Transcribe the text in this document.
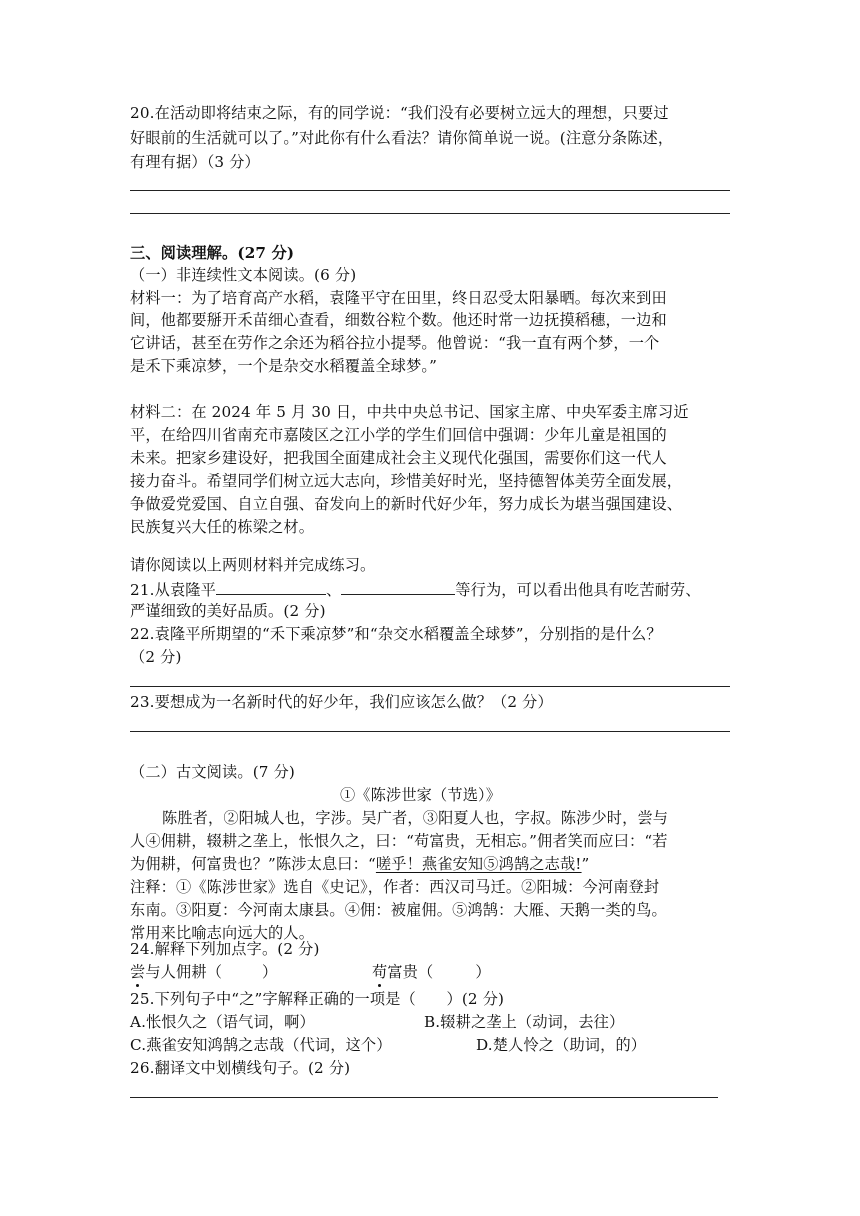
20.在活动即将结束之际，有的同学说：“我们没有必要树立远大的理想，只要过
好眼前的生活就可以了。”对此你有什么看法？请你简单说一说。(注意分条陈述，
有理有据）（3 分）
三、阅读理解。(27 分)
（一）非连续性文本阅读。(6 分)
材料一：为了培育高产水稻，袁隆平守在田里，终日忍受太阳暴晒。每次来到田
间，他都要掰开禾苗细心查看，细数谷粒个数。他还时常一边抚摸稻穗，一边和
它讲话，甚至在劳作之余还为稻谷拉小提琴。他曾说：“我一直有两个梦，一个
是禾下乘凉梦，一个是杂交水稻覆盖全球梦。”
材料二：在 2024 年 5 月 30 日，中共中央总书记、国家主席、中央军委主席习近
平，在给四川省南充市嘉陵区之江小学的学生们回信中强调：少年儿童是祖国的
未来。把家乡建设好，把我国全面建成社会主义现代化强国，需要你们这一代人
接力奋斗。希望同学们树立远大志向，珍惜美好时光，坚持德智体美劳全面发展，
争做爱党爱国、自立自强、奋发向上的新时代好少年，努力成长为堪当强国建设、
民族复兴大任的栋梁之材。
请你阅读以上两则材料并完成练习。
21.从袁隆平	、	等行为，可以看出他具有吃苦耐劳、
严谨细致的美好品质。(2 分)
22.袁隆平所期望的“禾下乘凉梦”和“杂交水稻覆盖全球梦”，分别指的是什么？
（2 分)
23.要想成为一名新时代的好少年，我们应该怎么做？（2 分）
（二）古文阅读。(7 分)
①《陈涉世家（节选）》
陈胜者，②阳城人也，字涉。吴广者，③阳夏人也，字叔。陈涉少时，尝与
人④佣耕，辍耕之垄上，怅恨久之，曰：“苟富贵，无相忘。”佣者笑而应曰：“若
为佣耕，何富贵也？”陈涉太息曰：“嗟乎！燕雀安知⑤鸿鹄之志哉!”
注释：①《陈涉世家》选自《史记》，作者：西汉司马迁。②阳城：今河南登封
东南。③阳夏：今河南太康县。④佣：被雇佣。⑤鸿鹄：大雁、天鹅一类的鸟。
常用来比喻志向远大的人。
24.解释下列加点字。(2 分)
尝与人佣耕（	）	苟富贵（	）
25.下列句子中“之”字解释正确的一项是（　　）(2 分)
A.怅恨久之（语气词，啊）	B.辍耕之垄上（动词，去往）
C.燕雀安知鸿鹄之志哉（代词，这个）	D.楚人怜之（助词，的）
26.翻译文中划横线句子。(2 分)
